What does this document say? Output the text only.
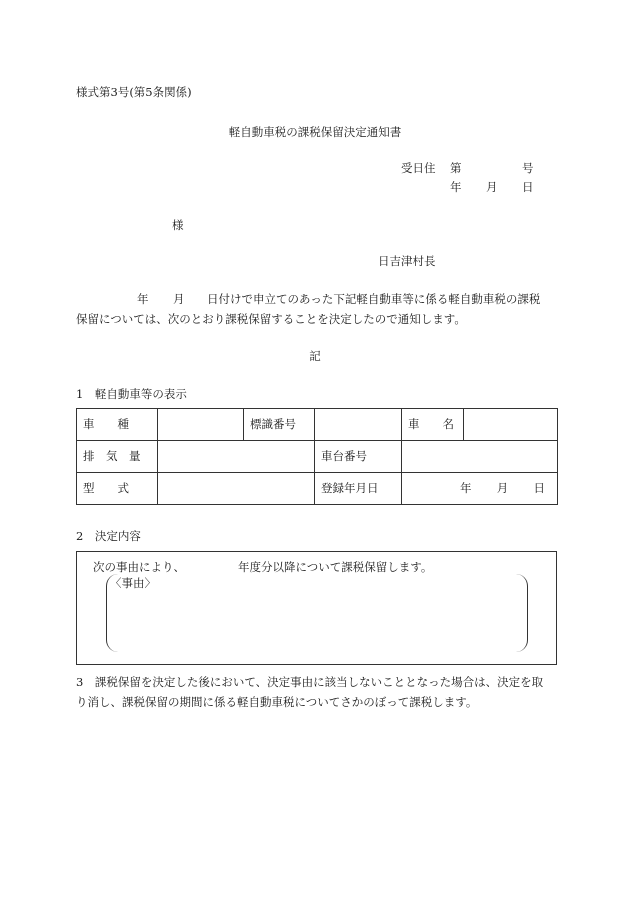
様式第3号(第5条関係)
軽自動車税の課税保留決定通知書
受日住 第	号
年 月 日
様
日吉津村長
年 月 日付けで申立てのあった下記軽自動車等に係る軽自動車税の課税
保留については、次のとおり課税保留することを決定したので通知します。
記
1　軽自動車等の表示
車　　種		標識番号		車　　名	
排　気　量			車台番号		
型　　式			登録年月日	年 月 日	
2　決定内容
次の事由により、	年度分以降について課税保留します。
〈事由〉
3　課税保留を決定した後において、決定事由に該当しないこととなった場合は、決定を取
り消し、課税保留の期間に係る軽自動車税についてさかのぼって課税します。
